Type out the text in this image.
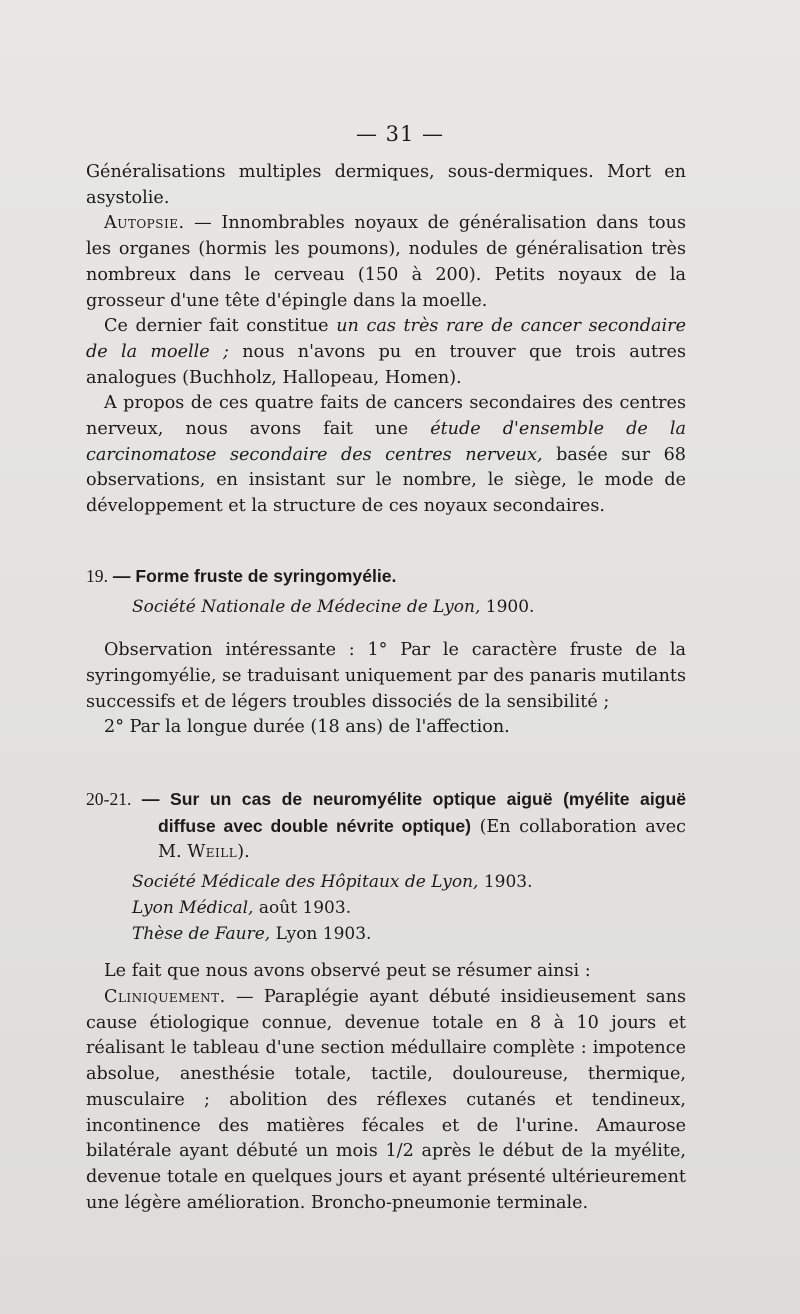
— 31 —

Généralisations multiples dermiques, sous-dermiques. Mort en asystolie.

Autopsie. — Innombrables noyaux de généralisation dans tous les organes (hormis les poumons), nodules de généralisation très nombreux dans le cerveau (150 à 200). Petits noyaux de la grosseur d'une tête d'épingle dans la moelle.

Ce dernier fait constitue un cas très rare de cancer secondaire de la moelle ; nous n'avons pu en trouver que trois autres analogues (Buchholz, Hallopeau, Homen).

A propos de ces quatre faits de cancers secondaires des centres nerveux, nous avons fait une étude d'ensemble de la carcinomatose secondaire des centres nerveux, basée sur 68 observations, en insistant sur le nombre, le siège, le mode de développement et la structure de ces noyaux secondaires.

19. — Forme fruste de syringomyélie.

Société Nationale de Médecine de Lyon, 1900.

Observation intéressante : 1° Par le caractère fruste de la syringomyélie, se traduisant uniquement par des panaris mutilants successifs et de légers troubles dissociés de la sensibilité ;

2° Par la longue durée (18 ans) de l'affection.

20-21. — Sur un cas de neuromyélite optique aiguë (myélite aiguë diffuse avec double névrite optique) (En collaboration avec M. Weill).

Société Médicale des Hôpitaux de Lyon, 1903.

Lyon Médical, août 1903.

Thèse de Faure, Lyon 1903.

Le fait que nous avons observé peut se résumer ainsi :

Cliniquement. — Paraplégie ayant débuté insidieusement sans cause étiologique connue, devenue totale en 8 à 10 jours et réalisant le tableau d'une section médullaire complète : impotence absolue, anesthésie totale, tactile, douloureuse, thermique, musculaire ; abolition des réflexes cutanés et tendineux, incontinence des matières fécales et de l'urine. Amaurose bilatérale ayant débuté un mois 1/2 après le début de la myélite, devenue totale en quelques jours et ayant présenté ultérieurement une légère amélioration. Broncho-pneumonie terminale.
